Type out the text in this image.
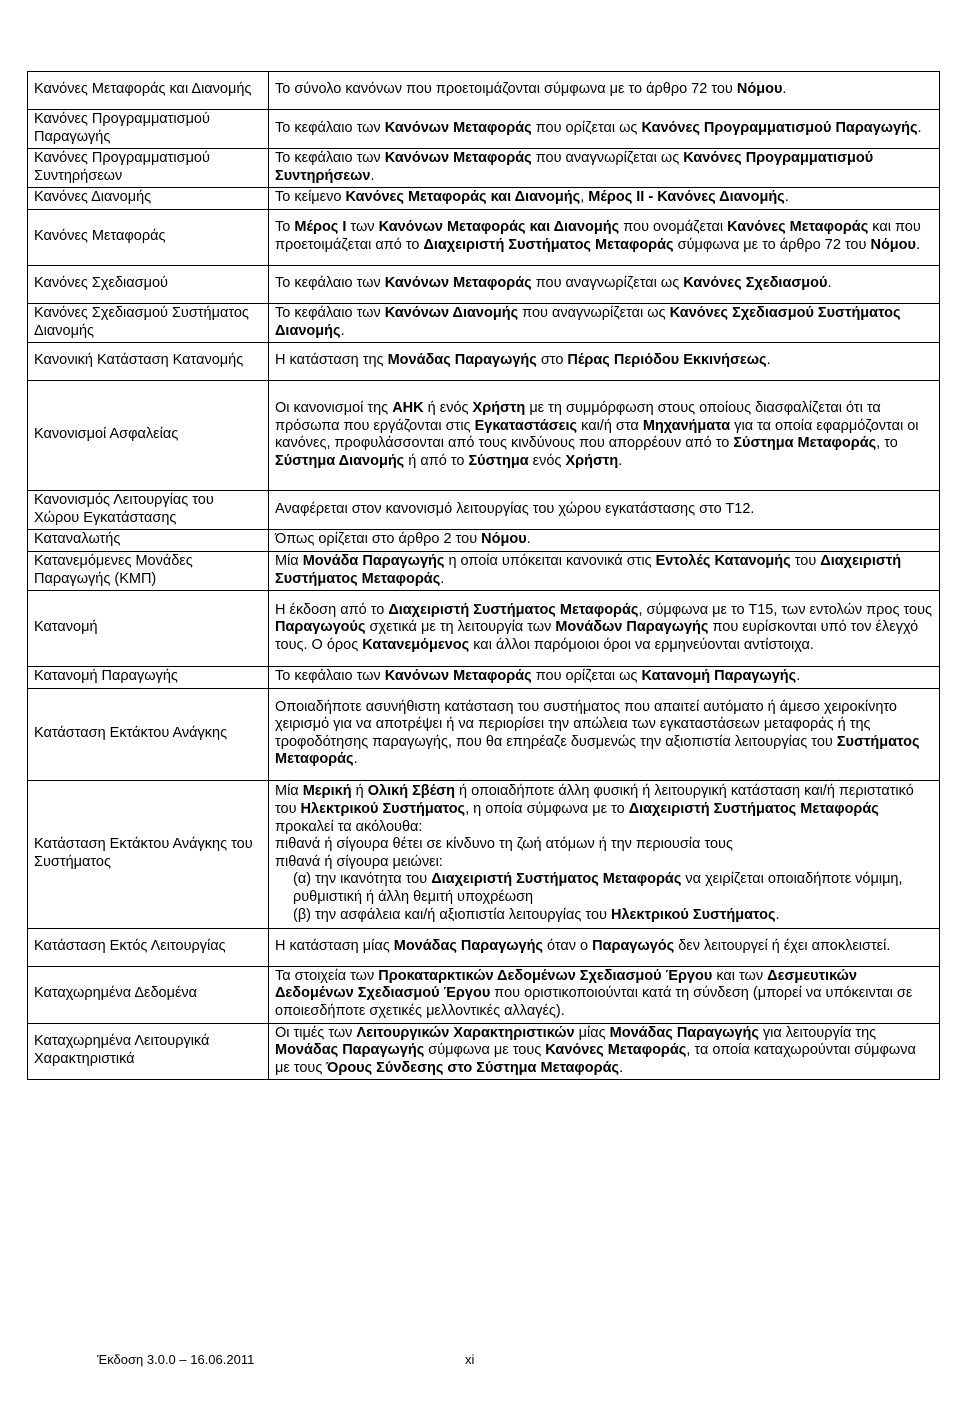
Κανόνες Μεταφοράς και Διανομής	Το σύνολο κανόνων που προετοιμάζονται σύμφωνα με το άρθρο 72 του Νόμου.

Κανόνες Προγραμματισμού Παραγωγής	Το κεφάλαιο των Κανόνων Μεταφοράς που ορίζεται ως Κανόνες Προγραμματισμού Παραγωγής.

Κανόνες Προγραμματισμού Συντηρήσεων	Το κεφάλαιο των Κανόνων Μεταφοράς που αναγνωρίζεται ως Κανόνες Προγραμματισμού Συντηρήσεων.

Κανόνες Διανομής	Το κείμενο Κανόνες Μεταφοράς και Διανομής, Μέρος ΙΙ - Κανόνες Διανομής.

Κανόνες Μεταφοράς	Το Μέρος Ι των Κανόνων Μεταφοράς και Διανομής που ονομάζεται Κανόνες Μεταφοράς και που προετοιμάζεται από το Διαχειριστή Συστήματος Μεταφοράς σύμφωνα με το άρθρο 72 του Νόμου.

Κανόνες Σχεδιασμού	Το κεφάλαιο των Κανόνων Μεταφοράς που αναγνωρίζεται ως Κανόνες Σχεδιασμού.

Κανόνες Σχεδιασμού Συστήματος Διανομής	Το κεφάλαιο των Κανόνων Διανομής που αναγνωρίζεται ως Κανόνες Σχεδιασμού Συστήματος Διανομής.

Κανονική Κατάσταση Κατανομής	Η κατάσταση της Μονάδας Παραγωγής στο Πέρας Περιόδου Εκκινήσεως.

Κανονισμοί Ασφαλείας	Οι κανονισμοί της ΑΗΚ ή ενός Χρήστη με τη συμμόρφωση στους οποίους διασφαλίζεται ότι τα πρόσωπα που εργάζονται στις Εγκαταστάσεις και/ή στα Μηχανήματα για τα οποία εφαρμόζονται οι κανόνες, προφυλάσσονται από τους κινδύνους που απορρέουν από το Σύστημα Μεταφοράς, το Σύστημα Διανομής ή από το Σύστημα ενός Χρήστη.

Κανονισμός Λειτουργίας του Χώρου Εγκατάστασης	Αναφέρεται στον κανονισμό λειτουργίας του χώρου εγκατάστασης στο Τ12.

Καταναλωτής	Όπως ορίζεται στο άρθρο 2 του Νόμου.

Κατανεμόμενες Μονάδες Παραγωγής (ΚΜΠ)	Μία Μονάδα Παραγωγής η οποία υπόκειται κανονικά στις Εντολές Κατανομής του Διαχειριστή Συστήματος Μεταφοράς.

Κατανομή	Η έκδοση από το Διαχειριστή Συστήματος Μεταφοράς, σύμφωνα με το Τ15, των εντολών προς τους Παραγωγούς σχετικά με τη λειτουργία των Μονάδων Παραγωγής που ευρίσκονται υπό τον έλεγχό τους. Ο όρος Κατανεμόμενος και άλλοι παρόμοιοι όροι να ερμηνεύονται αντίστοιχα.

Κατανομή Παραγωγής	Το κεφάλαιο των Κανόνων Μεταφοράς που ορίζεται ως Κατανομή Παραγωγής.

Κατάσταση Εκτάκτου Ανάγκης	Οποιαδήποτε ασυνήθιστη κατάσταση του συστήματος που απαιτεί αυτόματο ή άμεσο χειροκίνητο χειρισμό για να αποτρέψει ή να περιορίσει την απώλεια των εγκαταστάσεων μεταφοράς ή της τροφοδότησης παραγωγής, που θα επηρέαζε δυσμενώς την αξιοπιστία λειτουργίας του Συστήματος Μεταφοράς.

Κατάσταση Εκτάκτου Ανάγκης του Συστήματος	Μία Μερική ή Ολική Σβέση ή οποιαδήποτε άλλη φυσική ή λειτουργική κατάσταση και/ή περιστατικό του Ηλεκτρικού Συστήματος, η οποία σύμφωνα με το Διαχειριστή Συστήματος Μεταφοράς προκαλεί τα ακόλουθα:
πιθανά ή σίγουρα θέτει σε κίνδυνο τη ζωή ατόμων ή την περιουσία τους
πιθανά ή σίγουρα μειώνει:
(α) την ικανότητα του Διαχειριστή Συστήματος Μεταφοράς να χειρίζεται οποιαδήποτε νόμιμη, ρυθμιστική ή άλλη θεμιτή υποχρέωση
(β) την ασφάλεια και/ή αξιοπιστία λειτουργίας του Ηλεκτρικού Συστήματος.

Κατάσταση Εκτός Λειτουργίας	Η κατάσταση μίας Μονάδας Παραγωγής όταν ο Παραγωγός δεν λειτουργεί ή έχει αποκλειστεί.

Καταχωρημένα Δεδομένα	Τα στοιχεία των Προκαταρκτικών Δεδομένων Σχεδιασμού Έργου και των Δεσμευτικών Δεδομένων Σχεδιασμού Έργου που οριστικοποιούνται κατά τη σύνδεση (μπορεί να υπόκεινται σε οποιεσδήποτε σχετικές μελλοντικές αλλαγές).

Καταχωρημένα Λειτουργικά Χαρακτηριστικά	Οι τιμές των Λειτουργικών Χαρακτηριστικών μίας Μονάδας Παραγωγής για λειτουργία της Μονάδας Παραγωγής σύμφωνα με τους Κανόνες Μεταφοράς, τα οποία καταχωρούνται σύμφωνα με τους Όρους Σύνδεσης στο Σύστημα Μεταφοράς.
Έκδοση 3.0.0 – 16.06.2011	xi
